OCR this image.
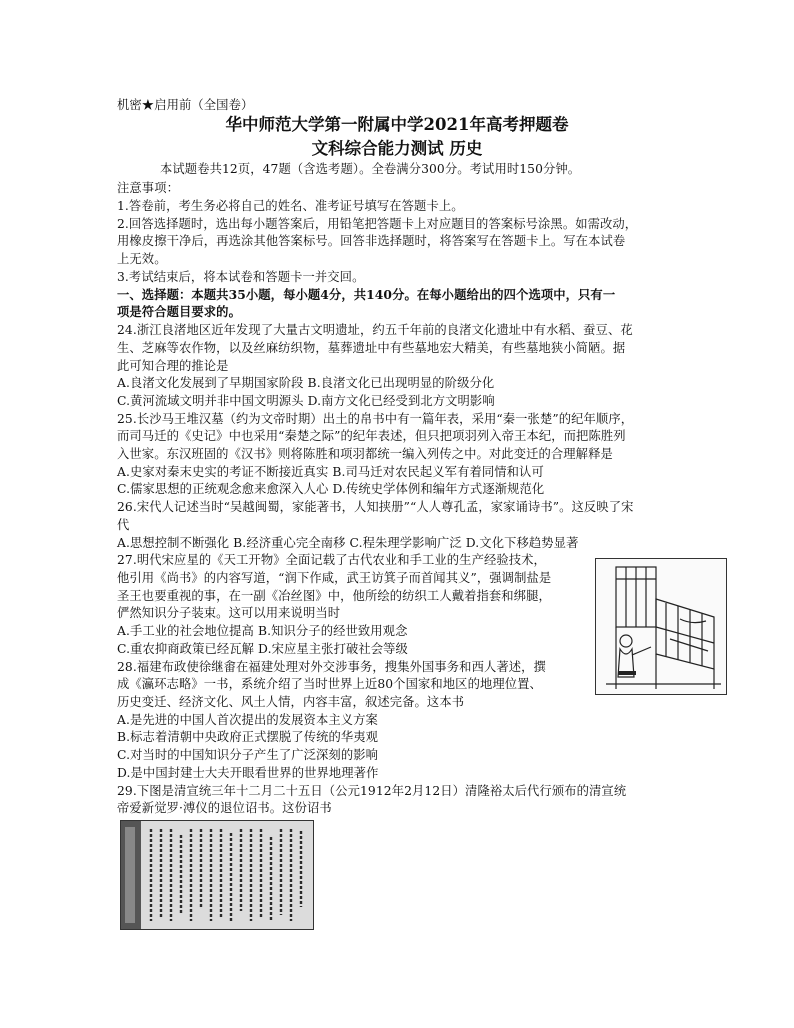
机密★启用前（全国卷）
华中师范大学第一附属中学2021年高考押题卷
文科综合能力测试 历史
本试题卷共12页，47题（含选考题）。全卷满分300分。考试用时150分钟。
注意事项：
1.答卷前，考生务必将自己的姓名、准考证号填写在答题卡上。
2.回答选择题时，选出每小题答案后，用铅笔把答题卡上对应题目的答案标号涂黑。如需改动，
用橡皮擦干净后，再选涂其他答案标号。回答非选择题时，将答案写在答题卡上。写在本试卷
上无效。
3.考试结束后，将本试卷和答题卡一并交回。
一、选择题：本题共35小题，每小题4分，共140分。在每小题给出的四个选项中，只有一
项是符合题目要求的。
24.浙江良渚地区近年发现了大量古文明遗址，约五千年前的良渚文化遗址中有水稻、蚕豆、花
生、芝麻等农作物，以及丝麻纺织物，墓葬遗址中有些墓地宏大精美，有些墓地狭小简陋。据
此可知合理的推论是
A.良渚文化发展到了早期国家阶段 B.良渚文化已出现明显的阶级分化
C.黄河流域文明并非中国文明源头 D.南方文化已经受到北方文明影响
25.长沙马王堆汉墓（约为文帝时期）出土的帛书中有一篇年表，采用“秦一张楚”的纪年顺序，
而司马迁的《史记》中也采用“秦楚之际”的纪年表述，但只把项羽列入帝王本纪，而把陈胜列
入世家。东汉班固的《汉书》则将陈胜和项羽都统一编入列传之中。对此变迁的合理解释是
A.史家对秦末史实的考证不断接近真实 B.司马迁对农民起义军有着同情和认可
C.儒家思想的正统观念愈来愈深入人心 D.传统史学体例和编年方式逐渐规范化
26.宋代人记述当时“吴越闽蜀，家能著书，人知挟册”“人人尊孔孟，家家诵诗书”。这反映了宋
代
A.思想控制不断强化 B.经济重心完全南移 C.程朱理学影响广泛 D.文化下移趋势显著
27.明代宋应星的《天工开物》全面记载了古代农业和手工业的生产经验技术，
他引用《尚书》的内容写道，“润下作咸，武王访箕子而首闻其义”，强调制盐是
圣王也要重视的事，在一副《冶丝图》中，他所绘的纺织工人戴着指套和绑腿，
俨然知识分子装束。这可以用来说明当时
A.手工业的社会地位提高 B.知识分子的经世致用观念
C.重农抑商政策已经瓦解 D.宋应星主张打破社会等级
28.福建布政使徐继畬在福建处理对外交涉事务，搜集外国事务和西人著述，撰
成《瀛环志略》一书，系统介绍了当时世界上近80个国家和地区的地理位置、
历史变迁、经济文化、风土人情，内容丰富，叙述完备。这本书
A.是先进的中国人首次提出的发展资本主义方案
B.标志着清朝中央政府正式摆脱了传统的华夷观
C.对当时的中国知识分子产生了广泛深刻的影响
D.是中国封建士大夫开眼看世界的世界地理著作
29.下图是清宣统三年十二月二十五日（公元1912年2月12日）清隆裕太后代行颁布的清宣统
帝爱新觉罗·溥仪的退位诏书。这份诏书
